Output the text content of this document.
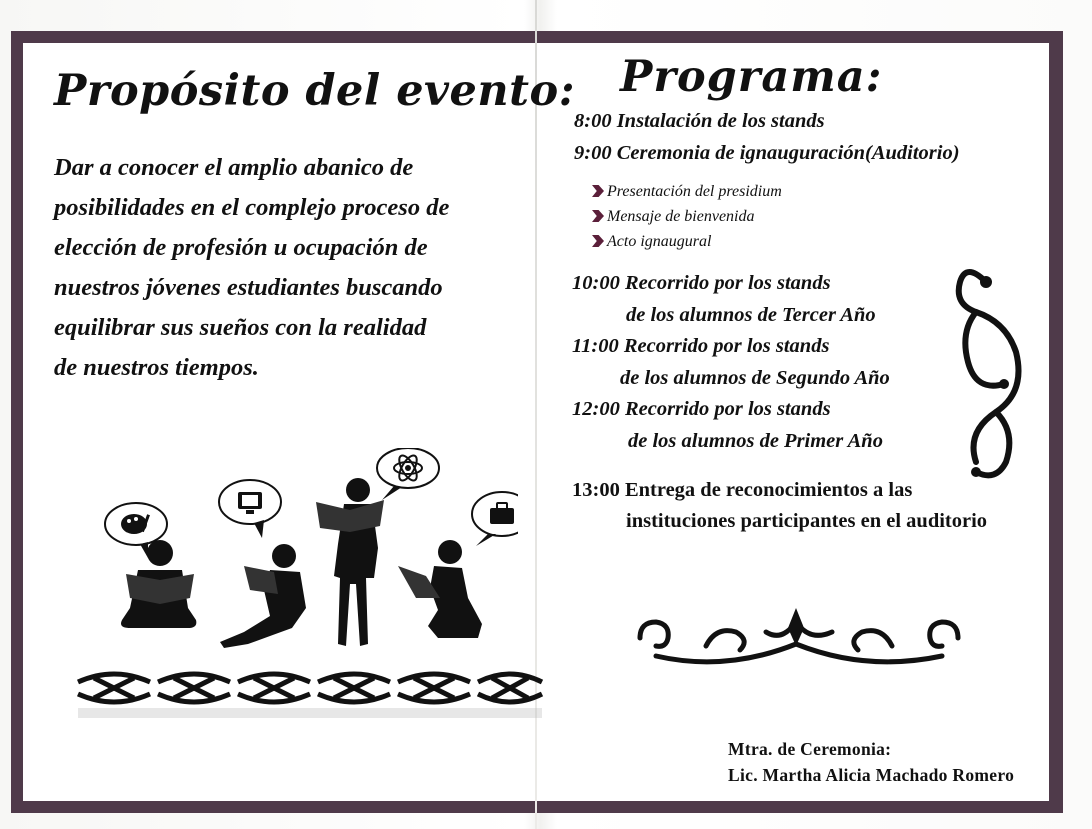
Propósito del evento:
Dar a conocer el amplio abanico de
posibilidades en el complejo proceso de
elección de profesión u ocupación de
nuestros jóvenes estudiantes buscando
equilibrar sus sueños con la realidad
de nuestros tiempos.
Programa:
8:00 Instalación de los stands
9:00 Ceremonia de ignauguración(Auditorio)
Presentación del presidium
Mensaje de bienvenida
Acto ignaugural
10:00 Recorrido por los stands
de los alumnos de Tercer Año
11:00 Recorrido por los stands
de los alumnos de Segundo Año
12:00 Recorrido por los stands
de los alumnos de Primer Año
13:00 Entrega de reconocimientos a las
instituciones participantes en el auditorio
Mtra. de Ceremonia:
Lic. Martha Alicia Machado Romero
